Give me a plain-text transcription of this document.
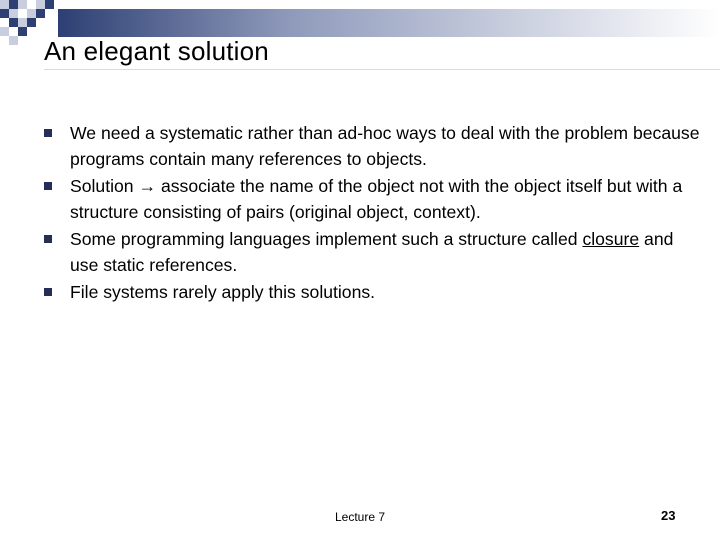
An elegant solution
We need a systematic rather than ad-hoc ways to deal with the problem because programs contain many references to objects.
Solution → associate the name of the object not with the object itself but with a structure consisting of pairs (original object, context).
Some programming languages implement such a structure called closure and use static references.
File systems rarely apply this solutions.
Lecture 7	23
